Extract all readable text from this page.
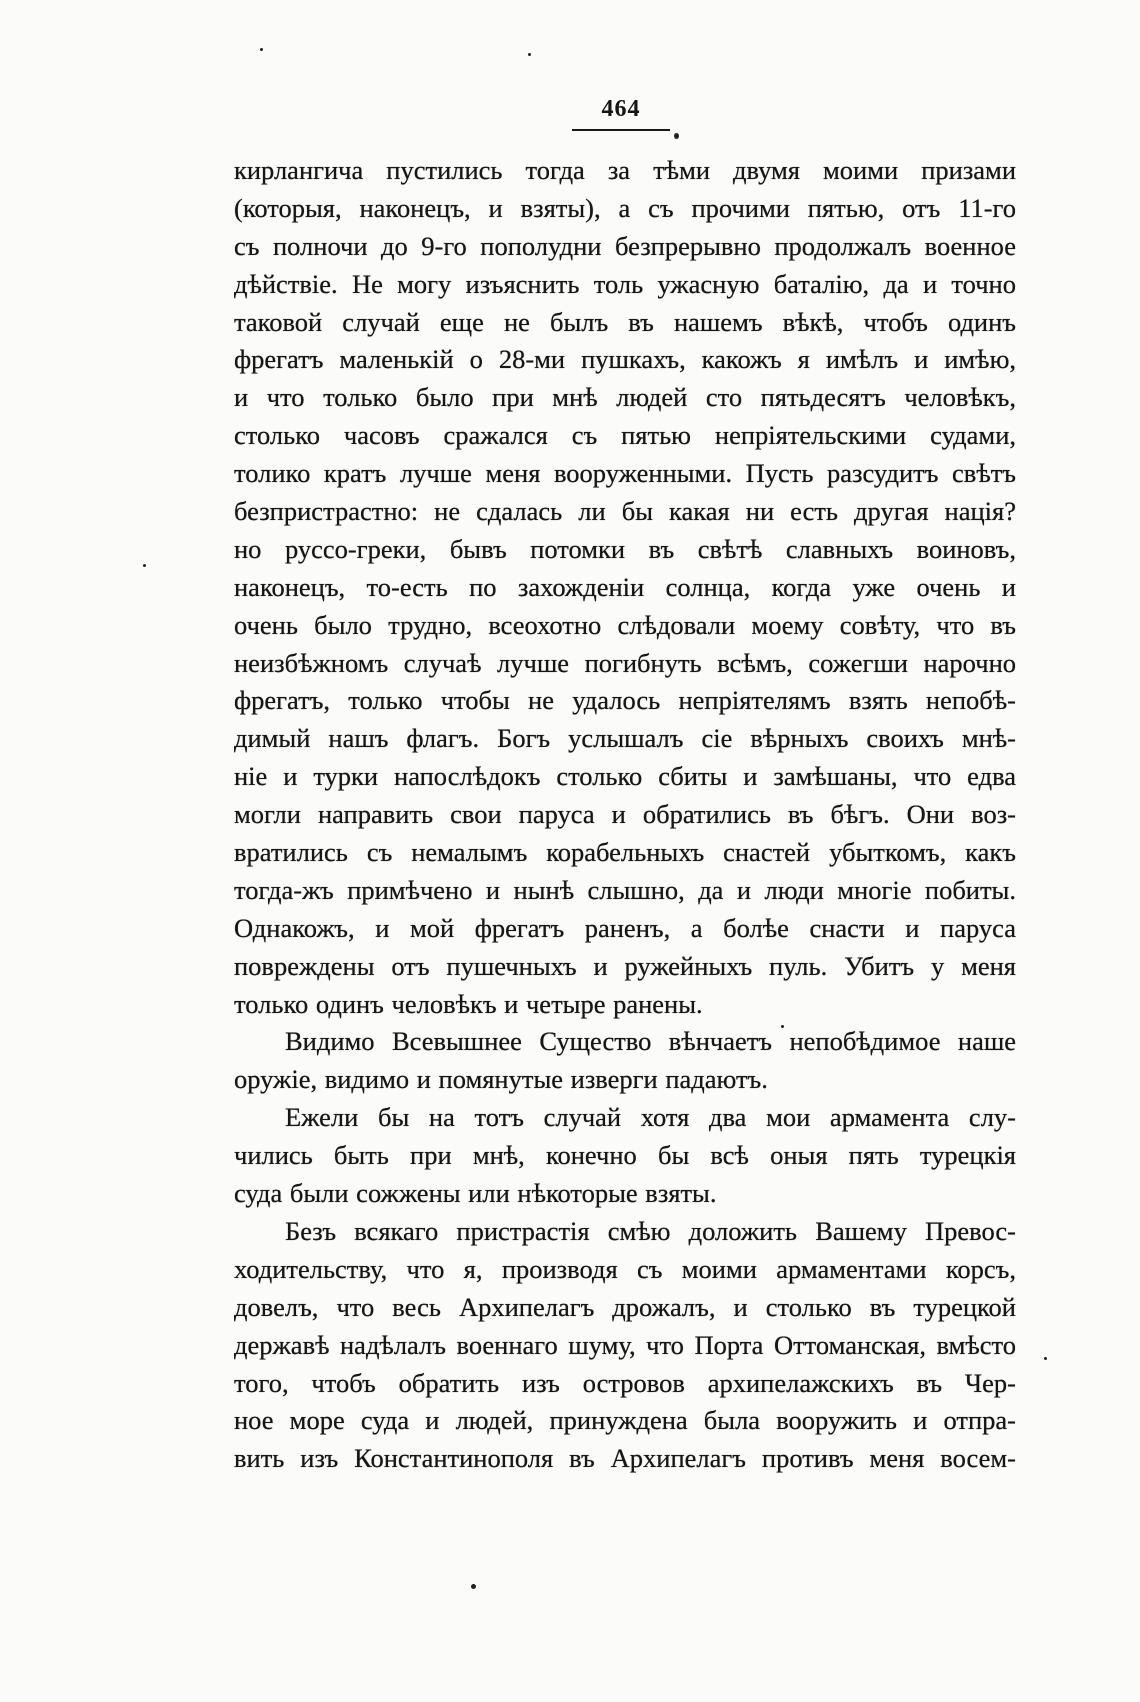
464
кирлангича пустились тогда за тѣми двумя моими призами
(которыя, наконецъ, и взяты), а съ прочими пятью, отъ 11-го
съ полночи до 9-го пополудни безпрерывно продолжалъ военное
дѣйствіе. Не могу изъяснить толь ужасную баталію, да и точно
таковой случай еще не былъ въ нашемъ вѣкѣ, чтобъ одинъ
фрегатъ маленькій о 28-ми пушкахъ, какожъ я имѣлъ и имѣю,
и что только было при мнѣ людей сто пятьдесятъ человѣкъ,
столько часовъ сражался съ пятью непріятельскими судами,
толико кратъ лучше меня вооруженными. Пусть разсудитъ свѣтъ
безпристрастно: не сдалась ли бы какая ни есть другая нація?
но руссо-греки, бывъ потомки въ свѣтѣ славныхъ воиновъ,
наконецъ, то-есть по захожденіи солнца, когда уже очень и
очень было трудно, всеохотно слѣдовали моему совѣту, что въ
неизбѣжномъ случаѣ лучше погибнуть всѣмъ, сожегши нарочно
фрегатъ, только чтобы не удалось непріятелямъ взять непобѣ-
димый нашъ флагъ. Богъ услышалъ сіе вѣрныхъ своихъ мнѣ-
ніе и турки напослѣдокъ столько сбиты и замѣшаны, что едва
могли направить свои паруса и обратились въ бѣгъ. Они воз-
вратились съ немалымъ корабельныхъ снастей убыткомъ, какъ
тогда-жъ примѣчено и нынѣ слышно, да и люди многіе побиты.
Однакожъ, и мой фрегатъ раненъ, а болѣе снасти и паруса
повреждены отъ пушечныхъ и ружейныхъ пуль. Убитъ у меня
только одинъ человѣкъ и четыре ранены.
Видимо Всевышнее Существо вѣнчаетъ непобѣдимое наше
оружіе, видимо и помянутые изверги падаютъ.
Ежели бы на тотъ случай хотя два мои армамента слу-
чились быть при мнѣ, конечно бы всѣ оныя пять турецкія
суда были сожжены или нѣкоторые взяты.
Безъ всякаго пристрастія смѣю доложить Вашему Превос-
ходительству, что я, производя съ моими армаментами корсъ,
довелъ, что весь Архипелагъ дрожалъ, и столько въ турецкой
державѣ надѣлалъ военнаго шуму, что Порта Оттоманская, вмѣсто
того, чтобъ обратить изъ островов архипелажскихъ въ Чер-
ное море суда и людей, принуждена была вооружить и отпра-
вить изъ Константинополя въ Архипелагъ противъ меня восем-
